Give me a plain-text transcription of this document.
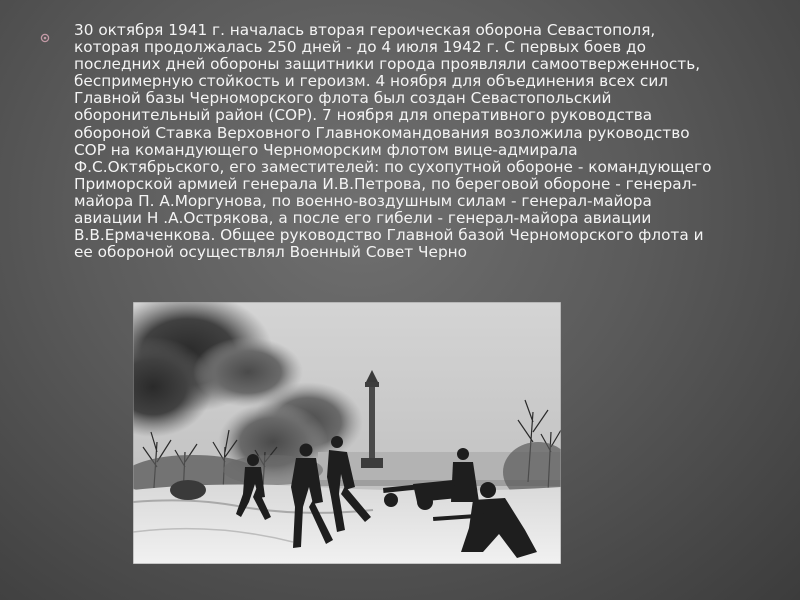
30 октября 1941 г. началась вторая героическая оборона Севастополя, которая продолжалась 250 дней - до 4 июля 1942 г. С первых боев до последних дней обороны защитники города проявляли самоотверженность, беспримерную стойкость и героизм. 4 ноября для объединения всех сил Главной базы Черноморского флота был создан Севастопольский оборонительный район (СОР). 7 ноября для оперативного руководства обороной Ставка Верховного Главнокомандования возложила руководство СОР на командующего Черноморским флотом вице-адмирала Ф.С.Октябрьского, его заместителей: по сухопутной обороне - командующего Приморской армией генерала И.В.Петрова, по береговой обороне - генерал-майора П. А.Моргунова, по военно-воздушным силам - генерал-майора авиации Н .А.Острякова, а после его гибели - генерал-майора авиации В.В.Ермаченкова. Общее руководство Главной базой Черноморского флота и ее обороной осуществлял Военный Совет Черно
